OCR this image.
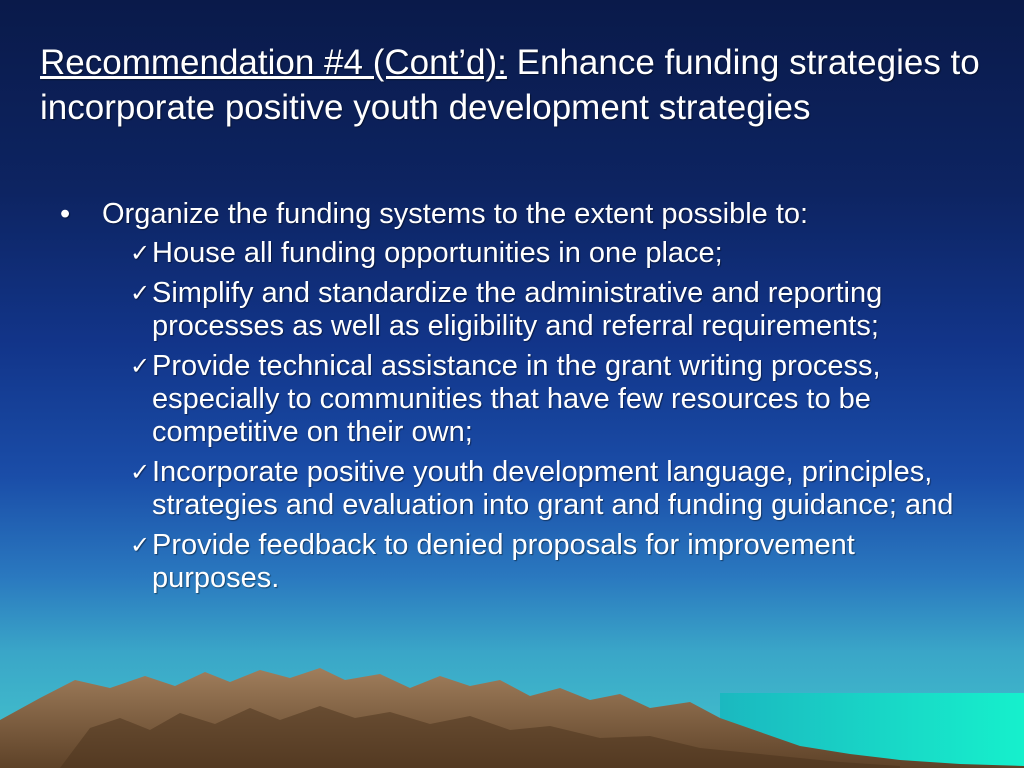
Recommendation #4 (Cont’d): Enhance funding strategies to incorporate positive youth development strategies
• Organize the funding systems to the extent possible to:
✓ House all funding opportunities in one place;
✓ Simplify and standardize the administrative and reporting processes as well as eligibility and referral requirements;
✓ Provide technical assistance in the grant writing process, especially to communities that have few resources to be competitive on their own;
✓ Incorporate positive youth development language, principles, strategies and evaluation into grant and funding guidance; and
✓ Provide feedback to denied proposals for improvement purposes.
